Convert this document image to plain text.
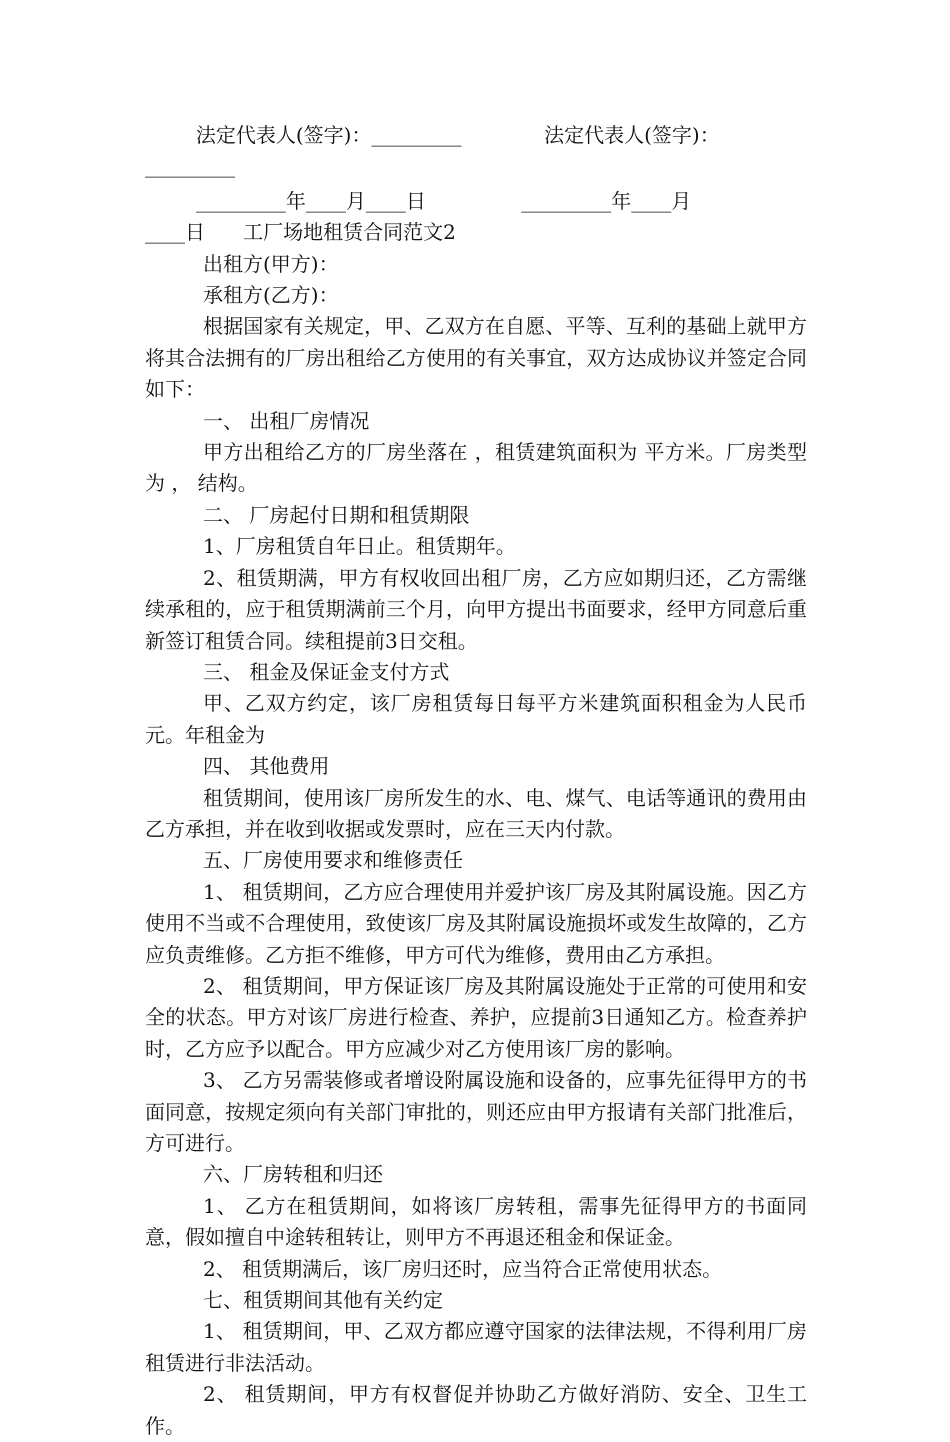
法定代表人(签字)：_________             法定代表人(签字)：
_________
_________年____月____日               _________年____月
____日      工厂场地租赁合同范文2

出租方(甲方)：

承租方(乙方)：

根据国家有关规定，甲、乙双方在自愿、平等、互利的基础上就甲方将其合法拥有的厂房出租给乙方使用的有关事宜，双方达成协议并签定合同如下：

一、 出租厂房情况

甲方出租给乙方的厂房坐落在 ，租赁建筑面积为 平方米。厂房类型为 ， 结构。

二、 厂房起付日期和租赁期限

1、厂房租赁自年日止。租赁期年。

2、租赁期满，甲方有权收回出租厂房，乙方应如期归还，乙方需继续承租的，应于租赁期满前三个月，向甲方提出书面要求，经甲方同意后重新签订租赁合同。续租提前3日交租。

三、 租金及保证金支付方式

甲、乙双方约定，该厂房租赁每日每平方米建筑面积租金为人民币元。年租金为

四、 其他费用

租赁期间，使用该厂房所发生的水、电、煤气、电话等通讯的费用由乙方承担，并在收到收据或发票时，应在三天内付款。

五、厂房使用要求和维修责任

1、 租赁期间，乙方应合理使用并爱护该厂房及其附属设施。因乙方使用不当或不合理使用，致使该厂房及其附属设施损坏或发生故障的，乙方应负责维修。乙方拒不维修，甲方可代为维修，费用由乙方承担。

2、 租赁期间，甲方保证该厂房及其附属设施处于正常的可使用和安全的状态。甲方对该厂房进行检查、养护，应提前3日通知乙方。检查养护时，乙方应予以配合。甲方应减少对乙方使用该厂房的影响。

3、 乙方另需装修或者增设附属设施和设备的，应事先征得甲方的书面同意，按规定须向有关部门审批的，则还应由甲方报请有关部门批准后，方可进行。

六、厂房转租和归还

1、 乙方在租赁期间，如将该厂房转租，需事先征得甲方的书面同意，假如擅自中途转租转让，则甲方不再退还租金和保证金。

2、 租赁期满后，该厂房归还时，应当符合正常使用状态。

七、租赁期间其他有关约定

1、 租赁期间，甲、乙双方都应遵守国家的法律法规，不得利用厂房租赁进行非法活动。

2、 租赁期间，甲方有权督促并协助乙方做好消防、安全、卫生工作。
